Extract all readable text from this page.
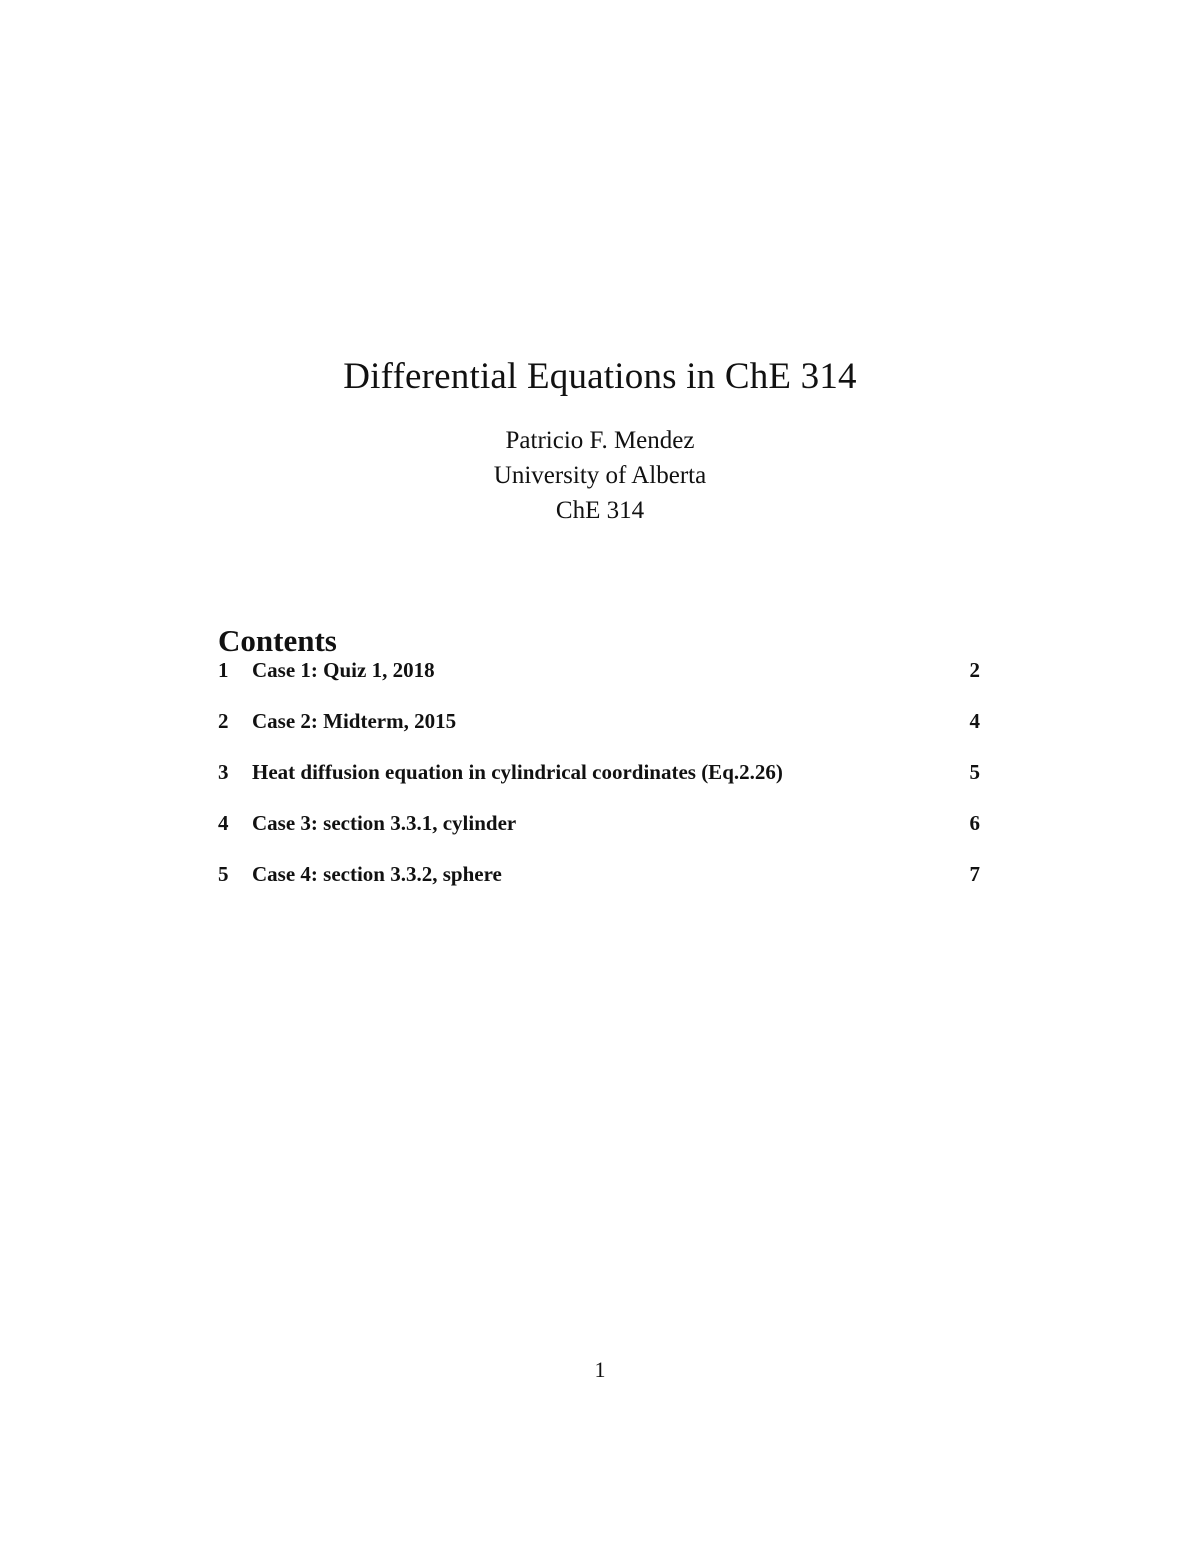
Differential Equations in ChE 314
Patricio F. Mendez
University of Alberta
ChE 314
Contents
1	Case 1: Quiz 1, 2018	2
2	Case 2: Midterm, 2015	4
3	Heat diffusion equation in cylindrical coordinates (Eq.2.26)	5
4	Case 3: section 3.3.1, cylinder	6
5	Case 4: section 3.3.2, sphere	7
1
